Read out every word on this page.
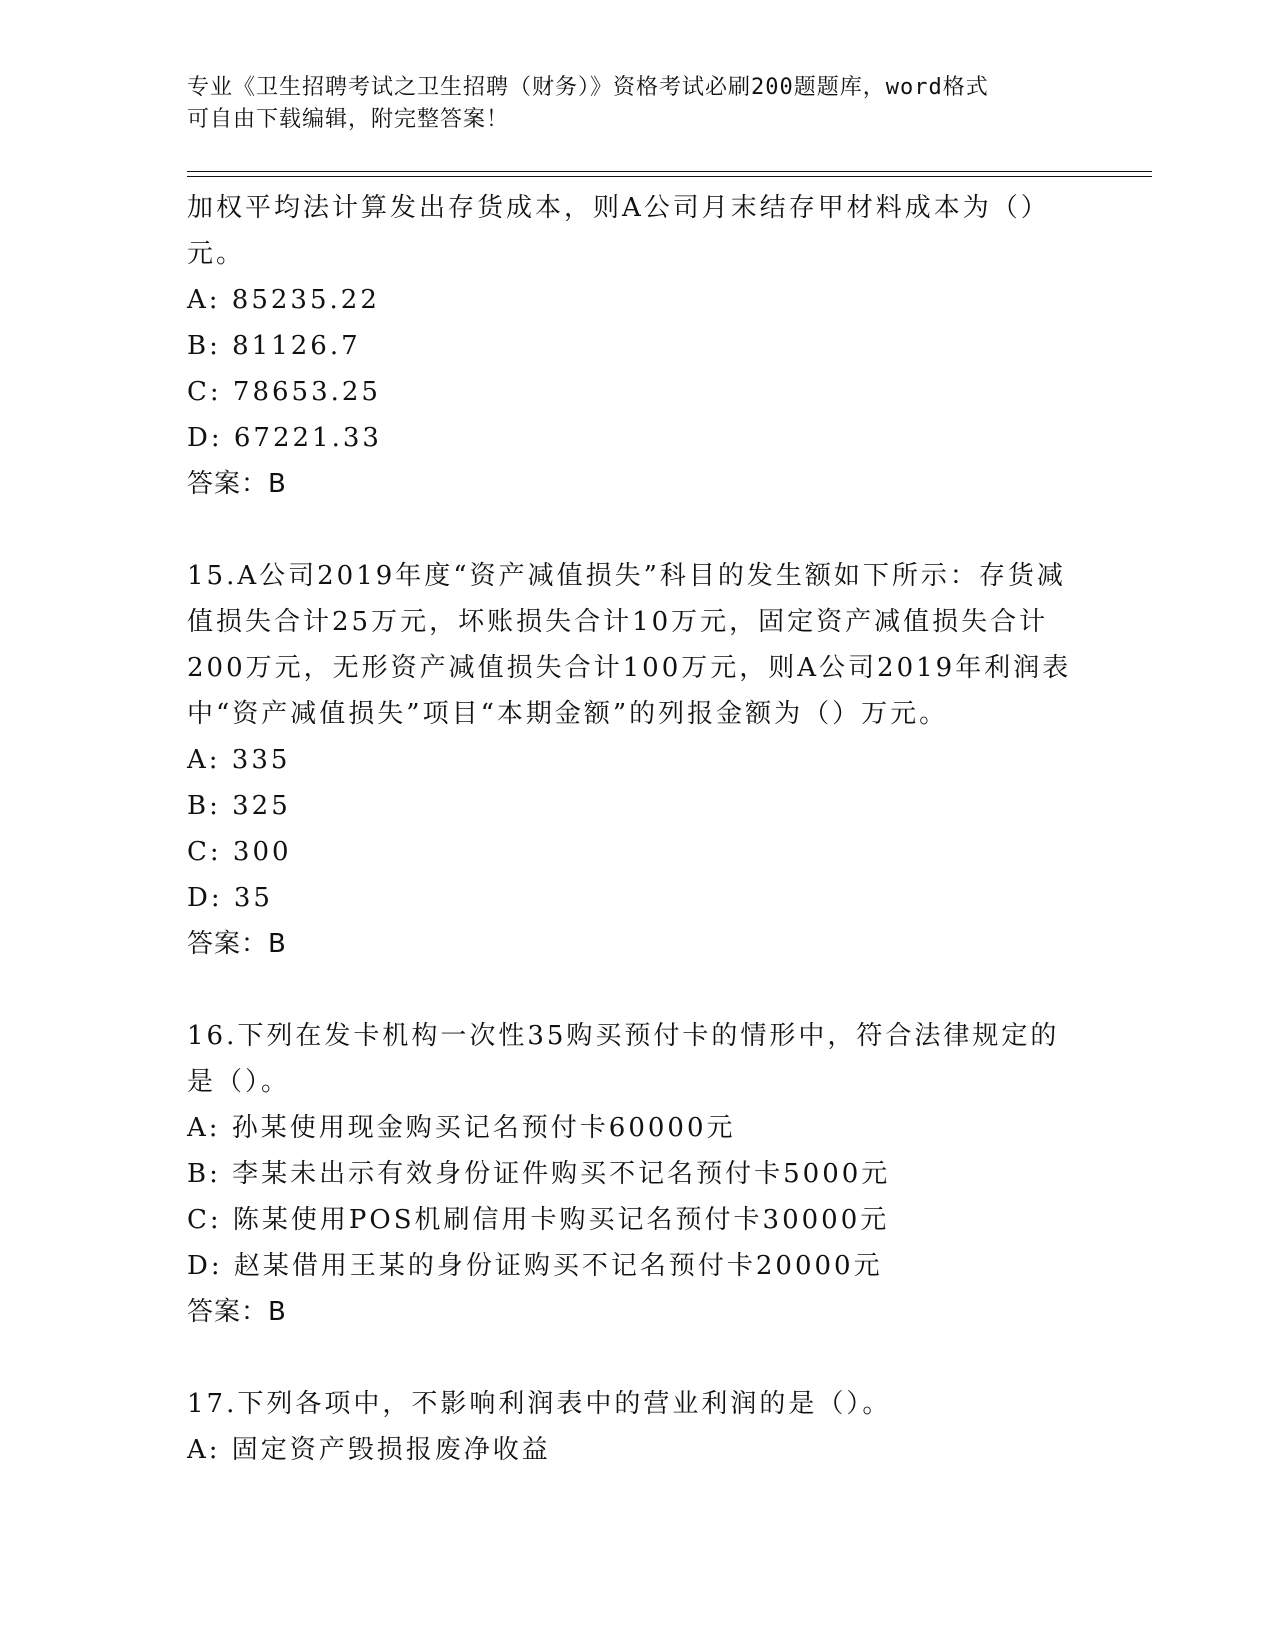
专业《卫生招聘考试之卫生招聘（财务）》资格考试必刷200题题库，word格式
可自由下载编辑，附完整答案！
加权平均法计算发出存货成本，则A公司月末结存甲材料成本为（）
元。
A: 85235.22
B: 81126.7
C: 78653.25
D: 67221.33
答案：B
15.A公司2019年度“资产减值损失”科目的发生额如下所示：存货减
值损失合计25万元，坏账损失合计10万元，固定资产减值损失合计
200万元，无形资产减值损失合计100万元，则A公司2019年利润表
中“资产减值损失”项目“本期金额”的列报金额为（）万元。
A: 335
B: 325
C: 300
D: 35
答案：B
16.下列在发卡机构一次性35购买预付卡的情形中，符合法律规定的
是（）。
A: 孙某使用现金购买记名预付卡60000元
B: 李某未出示有效身份证件购买不记名预付卡5000元
C: 陈某使用POS机刷信用卡购买记名预付卡30000元
D: 赵某借用王某的身份证购买不记名预付卡20000元
答案：B
17.下列各项中，不影响利润表中的营业利润的是（）。
A: 固定资产毁损报废净收益
